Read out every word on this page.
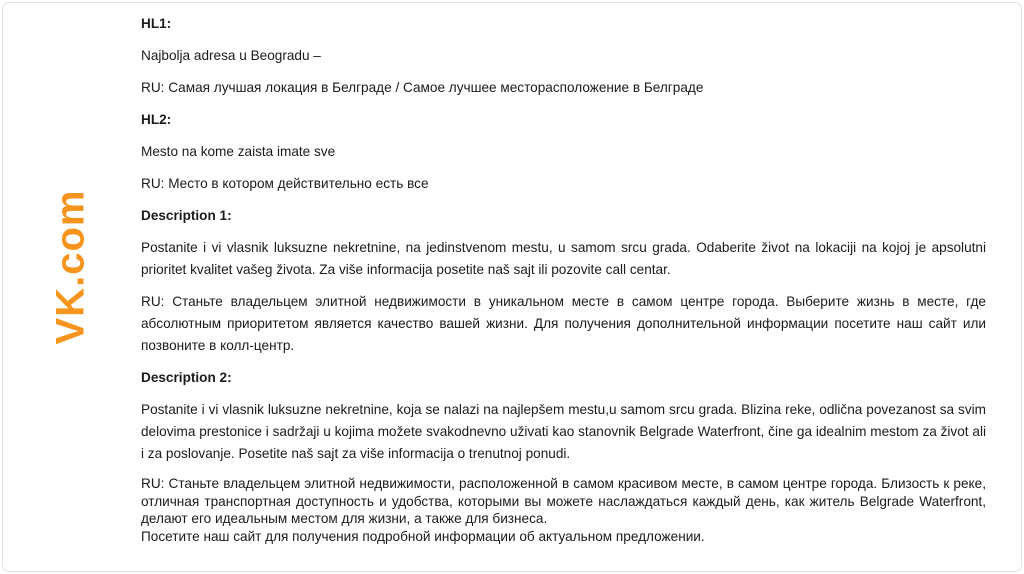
VK.com
HL1:

Najbolja adresa u Beogradu –

RU: Самая лучшая локация в Белграде / Самое лучшее месторасположение в Белграде

HL2:

Mesto na kome zaista imate sve

RU: Место в котором действительно есть все

Description 1:

Postanite i vi vlasnik luksuzne nekretnine, na jedinstvenom mestu, u samom srcu grada. Odaberite život na lokaciji na kojoj je apsolutni prioritet kvalitet vašeg života. Za više informacija posetite naš sajt ili pozovite call centar.

RU: Станьте владельцем элитной недвижимости в уникальном месте в самом центре города. Выберите жизнь в месте, где абсолютным приоритетом является качество вашей жизни. Для получения дополнительной информации посетите наш сайт или позвоните в колл-центр.

Description 2:

Postanite i vi vlasnik luksuzne nekretnine, koja se nalazi na najlepšem mestu,u samom srcu grada. Blizina reke, odlična povezanost sa svim delovima prestonice i sadržaji u kojima možete svakodnevno uživati kao stanovnik Belgrade Waterfront, čine ga idealnim mestom za život ali i za poslovanje. Posetite naš sajt za više informacija o trenutnoj ponudi.

RU: Станьте владельцем элитной недвижимости, расположенной в самом красивом месте, в самом центре города. Близость к реке, отличная транспортная доступность и удобства, которыми вы можете наслаждаться каждый день, как житель Belgrade Waterfront, делают его идеальным местом для жизни, а также для бизнеса.

Посетите наш сайт для получения подробной информации об актуальном предложении.
